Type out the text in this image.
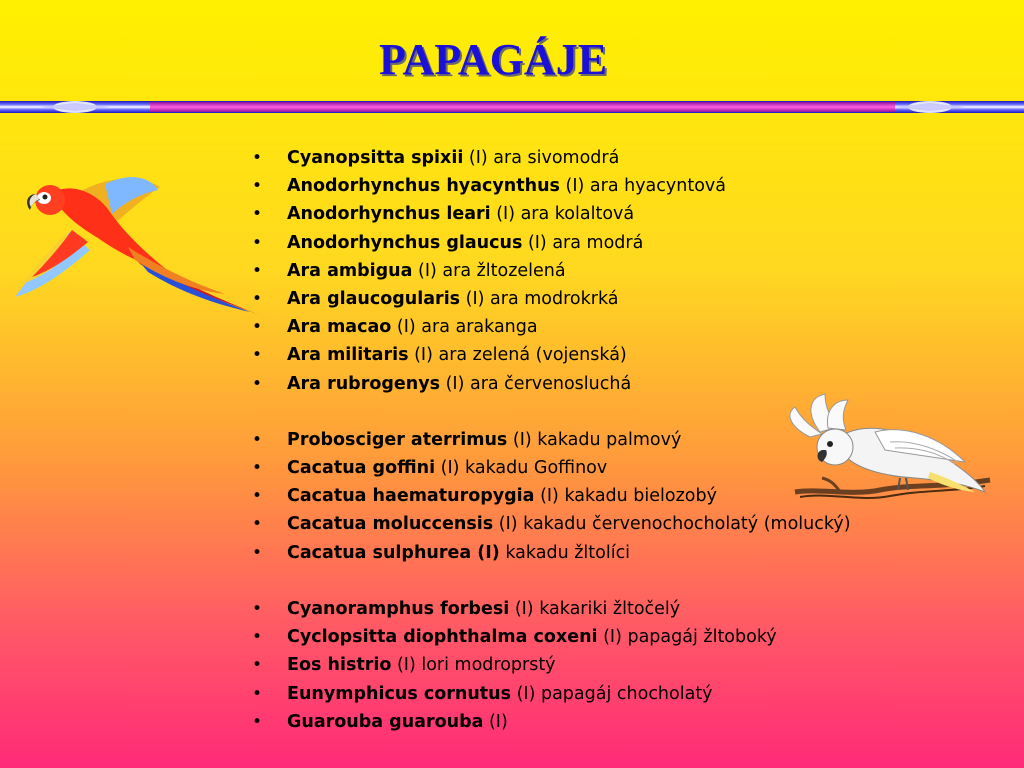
PAPAGÁJE
• Cyanopsitta spixii (I) ara sivomodrá
• Anodorhynchus hyacynthus (I) ara hyacyntová
• Anodorhynchus leari (I) ara kolaltová
• Anodorhynchus glaucus (I) ara modrá
• Ara ambigua (I) ara žltozelená
• Ara glaucogularis (I) ara modrokrká
• Ara macao (I) ara arakanga
• Ara militaris (I) ara zelená (vojenská)
• Ara rubrogenys (I) ara červenosluchá
• Probosciger aterrimus (I) kakadu palmový
• Cacatua goffini (I) kakadu Goffinov
• Cacatua haematuropygia (I) kakadu bielozobý
• Cacatua moluccensis (I) kakadu červenochocholatý (molucký)
• Cacatua sulphurea (I) kakadu žltolíci
• Cyanoramphus forbesi (I) kakariki žltočelý
• Cyclopsitta diophthalma coxeni (I) papagáj žltoboký
• Eos histrio (I) lori modroprstý
• Eunymphicus cornutus (I) papagáj chocholatý
• Guarouba guarouba (I)
